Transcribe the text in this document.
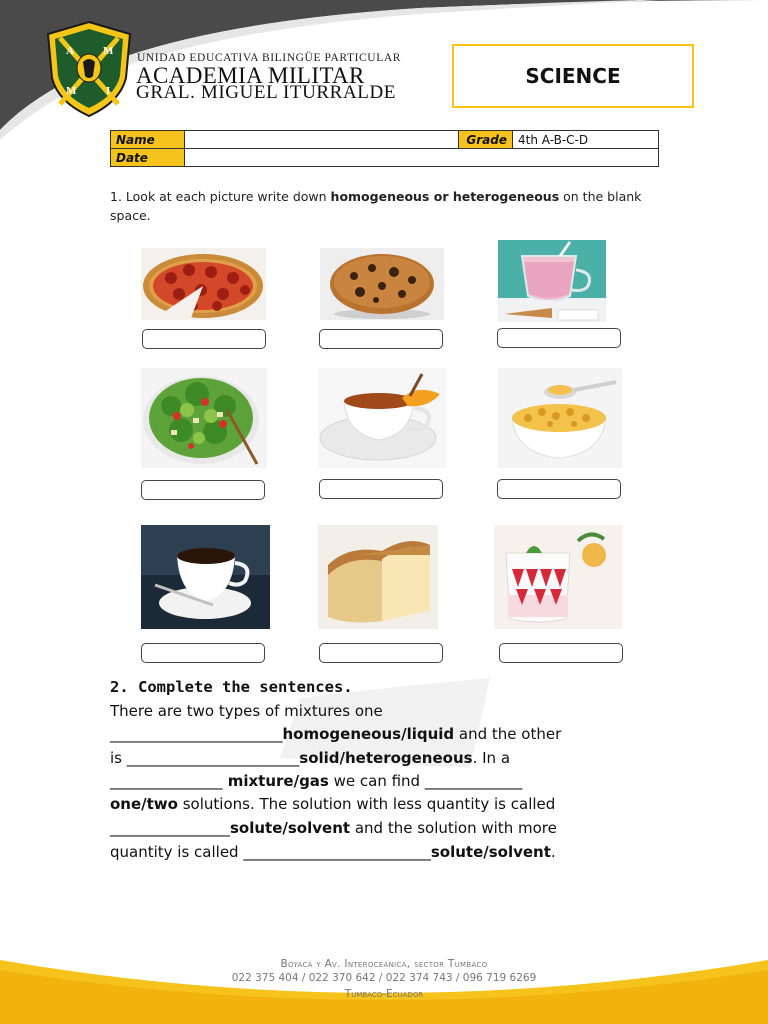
A	M
M	I
UNIDAD EDUCATIVA BILINGÜE PARTICULAR
ACADEMIA MILITAR
GRAL. MIGUEL ITURRALDE
SCIENCE
Name		Grade	4th A-B-C-D
Date			
1. Look at each picture write down homogeneous or heterogeneous on the blank space.
2. Complete the sentences.
There are two types of mixtures one
_______________________homogeneous/liquid and the other
is _______________________solid/heterogeneous. In a
_______________ mixture/gas we can find _____________
one/two solutions. The solution with less quantity is called
________________solute/solvent and the solution with more
quantity is called _________________________solute/solvent.
Boyacá y Av. Interoceánica, sector Tumbaco
022 375 404 / 022 370 642 / 022 374 743 / 096 719 6269
Tumbaco-Ecuador
